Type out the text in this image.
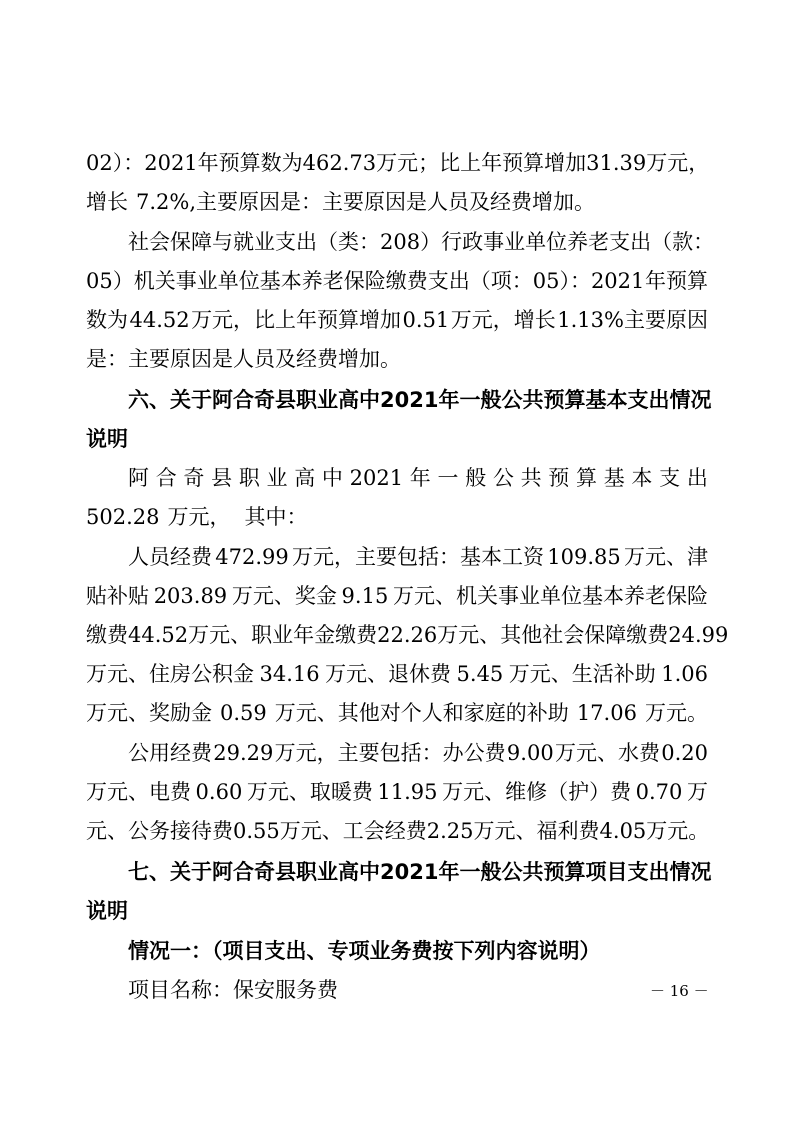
02）：2021 年预算数为 462.73 万元；比上年预算增加 31.39 万元，
增长 7.2%,主要原因是：主要原因是人员及经费增加。
社会保障与就业支出（类：208）行政事业单位养老支出（款：
05）机关事业单位基本养老保险缴费支出（项：05）：2021 年预算
数为 44.52 万元，比上年预算增加 0.51 万元，增长 1.13%主要原因
是：主要原因是人员及经费增加。
六、关于阿合奇县职业高中 2021 年一般公共预算基本支出情况
说明
阿 合 奇 县 职 业 高 中 2021 年 一 般 公 共 预 算 基 本 支 出
502.28 万元， 其中：
人员经费 472.99 万元，主要包括：基本工资 109.85 万元、津
贴补贴 203.89 万元、奖金 9.15 万元、机关事业单位基本养老保险
缴费 44.52 万元、职业年金缴费 22.26 万元、其他社会保障缴费 24.99
万元、住房公积金 34.16 万元、退休费 5.45 万元、生活补助 1.06
万元、奖励金 0.59 万元、其他对个人和家庭的补助 17.06 万元。
公用经费 29.29 万元，主要包括：办公费 9.00 万元、水费 0.20
万元、电费 0.60 万元、取暖费 11.95 万元、维修（护）费 0.70 万
元、公务接待费 0.55 万元、工会经费 2.25 万元、福利费 4.05 万元。
七、关于阿合奇县职业高中 2021 年一般公共预算项目支出情况
说明
情况一：（项目支出、专项业务费按下列内容说明）
项目名称：保安服务费	－ 16 －
